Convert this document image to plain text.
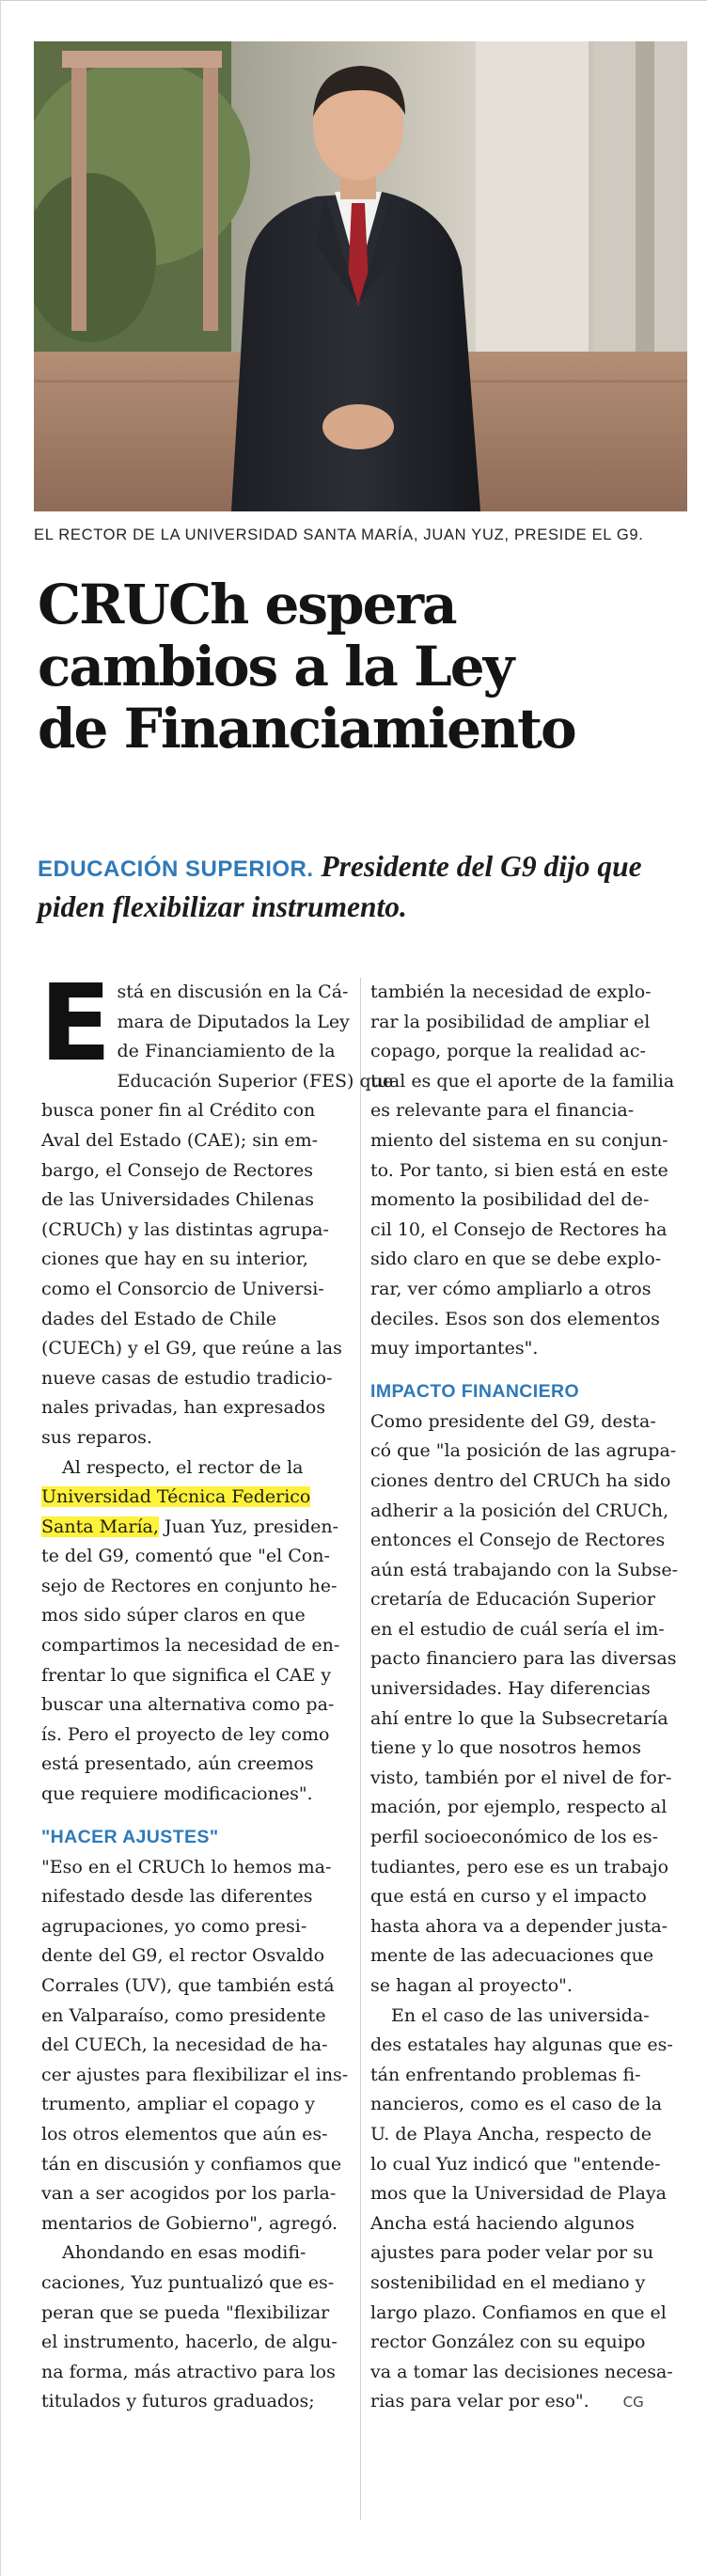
EL RECTOR DE LA UNIVERSIDAD SANTA MARÍA, JUAN YUZ, PRESIDE EL G9.
CRUCh espera
cambios a la Ley
de Financiamiento
EDUCACIÓN SUPERIOR. Presidente del G9 dijo que piden flexibilizar instrumento.

E stá en discusión en la Cá-
mara de Diputados la Ley
de Financiamiento de la
Educación Superior (FES) que
busca poner fin al Crédito con
Aval del Estado (CAE); sin em-
bargo, el Consejo de Rectores
de las Universidades Chilenas
(CRUCh) y las distintas agrupa-
ciones que hay en su interior,
como el Consorcio de Universi-
dades del Estado de Chile
(CUECh) y el G9, que reúne a las
nueve casas de estudio tradicio-
nales privadas, han expresados
sus reparos.

Al respecto, el rector de la
Universidad Técnica Federico
Santa María, Juan Yuz, presiden-
te del G9, comentó que "el Con-
sejo de Rectores en conjunto he-
mos sido súper claros en que
compartimos la necesidad de en-
frentar lo que significa el CAE y
buscar una alternativa como pa-
ís. Pero el proyecto de ley como
está presentado, aún creemos
que requiere modificaciones".

"HACER AJUSTES"

"Eso en el CRUCh lo hemos ma-
nifestado desde las diferentes
agrupaciones, yo como presi-
dente del G9, el rector Osvaldo
Corrales (UV), que también está
en Valparaíso, como presidente
del CUECh, la necesidad de ha-
cer ajustes para flexibilizar el ins-
trumento, ampliar el copago y
los otros elementos que aún es-
tán en discusión y confiamos que
van a ser acogidos por los parla-
mentarios de Gobierno", agregó.

Ahondando en esas modifi-
caciones, Yuz puntualizó que es-
peran que se pueda "flexibilizar
el instrumento, hacerlo, de algu-
na forma, más atractivo para los
titulados y futuros graduados;

también la necesidad de explo-
rar la posibilidad de ampliar el
copago, porque la realidad ac-
tual es que el aporte de la familia
es relevante para el financia-
miento del sistema en su conjun-
to. Por tanto, si bien está en este
momento la posibilidad del de-
cil 10, el Consejo de Rectores ha
sido claro en que se debe explo-
rar, ver cómo ampliarlo a otros
deciles. Esos son dos elementos
muy importantes".

IMPACTO FINANCIERO

Como presidente del G9, desta-
có que "la posición de las agrupa-
ciones dentro del CRUCh ha sido
adherir a la posición del CRUCh,
entonces el Consejo de Rectores
aún está trabajando con la Subse-
cretaría de Educación Superior
en el estudio de cuál sería el im-
pacto financiero para las diversas
universidades. Hay diferencias
ahí entre lo que la Subsecretaría
tiene y lo que nosotros hemos
visto, también por el nivel de for-
mación, por ejemplo, respecto al
perfil socioeconómico de los es-
tudiantes, pero ese es un trabajo
que está en curso y el impacto
hasta ahora va a depender justa-
mente de las adecuaciones que
se hagan al proyecto".

En el caso de las universida-
des estatales hay algunas que es-
tán enfrentando problemas fi-
nancieros, como es el caso de la
U. de Playa Ancha, respecto de
lo cual Yuz indicó que "entende-
mos que la Universidad de Playa
Ancha está haciendo algunos
ajustes para poder velar por su
sostenibilidad en el mediano y
largo plazo. Confiamos en que el
rector González con su equipo
va a tomar las decisiones necesa-
rias para velar por eso". CG
